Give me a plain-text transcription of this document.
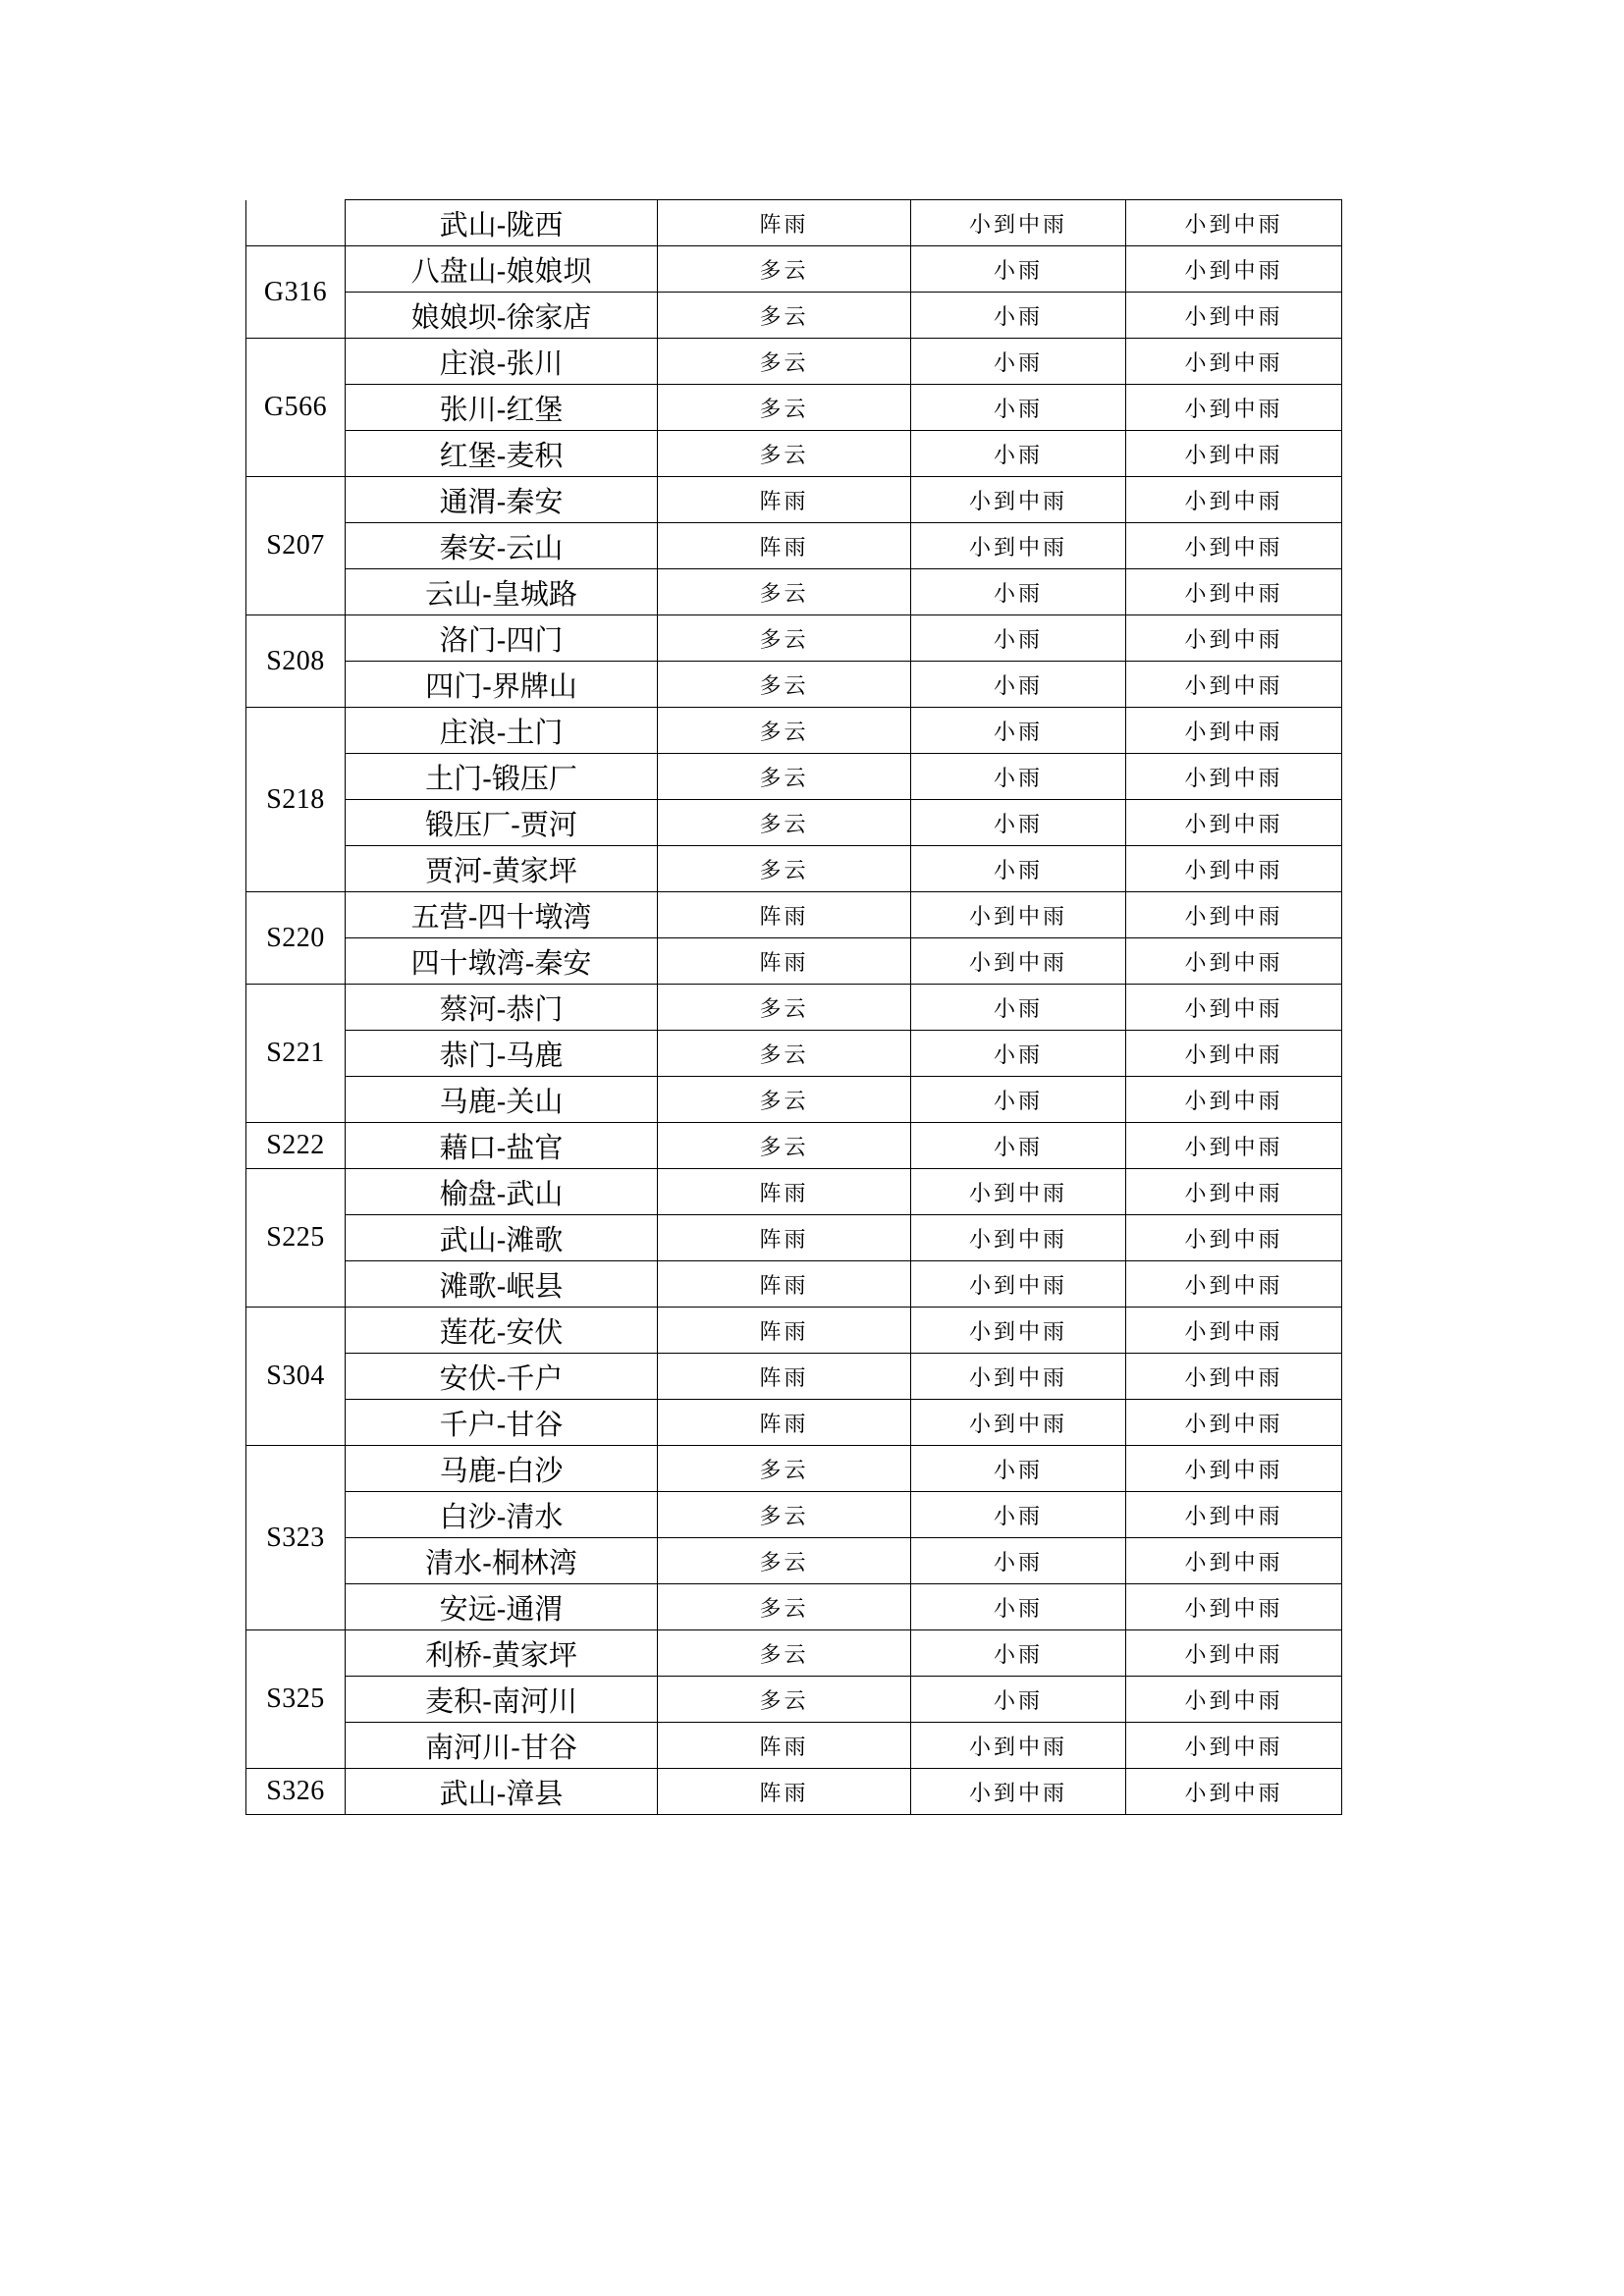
	武山-陇西	阵雨	小到中雨	小到中雨
G316	八盘山-娘娘坝	多云	小雨	小到中雨
	娘娘坝-徐家店	多云	小雨	小到中雨
G566	庄浪-张川	多云	小雨	小到中雨
	张川-红堡	多云	小雨	小到中雨
	红堡-麦积	多云	小雨	小到中雨
S207	通渭-秦安	阵雨	小到中雨	小到中雨
	秦安-云山	阵雨	小到中雨	小到中雨
	云山-皇城路	多云	小雨	小到中雨
S208	洛门-四门	多云	小雨	小到中雨
	四门-界牌山	多云	小雨	小到中雨
S218	庄浪-土门	多云	小雨	小到中雨
	土门-锻压厂	多云	小雨	小到中雨
	锻压厂-贾河	多云	小雨	小到中雨
	贾河-黄家坪	多云	小雨	小到中雨
S220	五营-四十墩湾	阵雨	小到中雨	小到中雨
	四十墩湾-秦安	阵雨	小到中雨	小到中雨
S221	蔡河-恭门	多云	小雨	小到中雨
	恭门-马鹿	多云	小雨	小到中雨
	马鹿-关山	多云	小雨	小到中雨
S222	藉口-盐官	多云	小雨	小到中雨
S225	榆盘-武山	阵雨	小到中雨	小到中雨
	武山-滩歌	阵雨	小到中雨	小到中雨
	滩歌-岷县	阵雨	小到中雨	小到中雨
S304	莲花-安伏	阵雨	小到中雨	小到中雨
	安伏-千户	阵雨	小到中雨	小到中雨
	千户-甘谷	阵雨	小到中雨	小到中雨
S323	马鹿-白沙	多云	小雨	小到中雨
	白沙-清水	多云	小雨	小到中雨
	清水-桐林湾	多云	小雨	小到中雨
	安远-通渭	多云	小雨	小到中雨
S325	利桥-黄家坪	多云	小雨	小到中雨
	麦积-南河川	多云	小雨	小到中雨
	南河川-甘谷	阵雨	小到中雨	小到中雨
S326	武山-漳县	阵雨	小到中雨	小到中雨
